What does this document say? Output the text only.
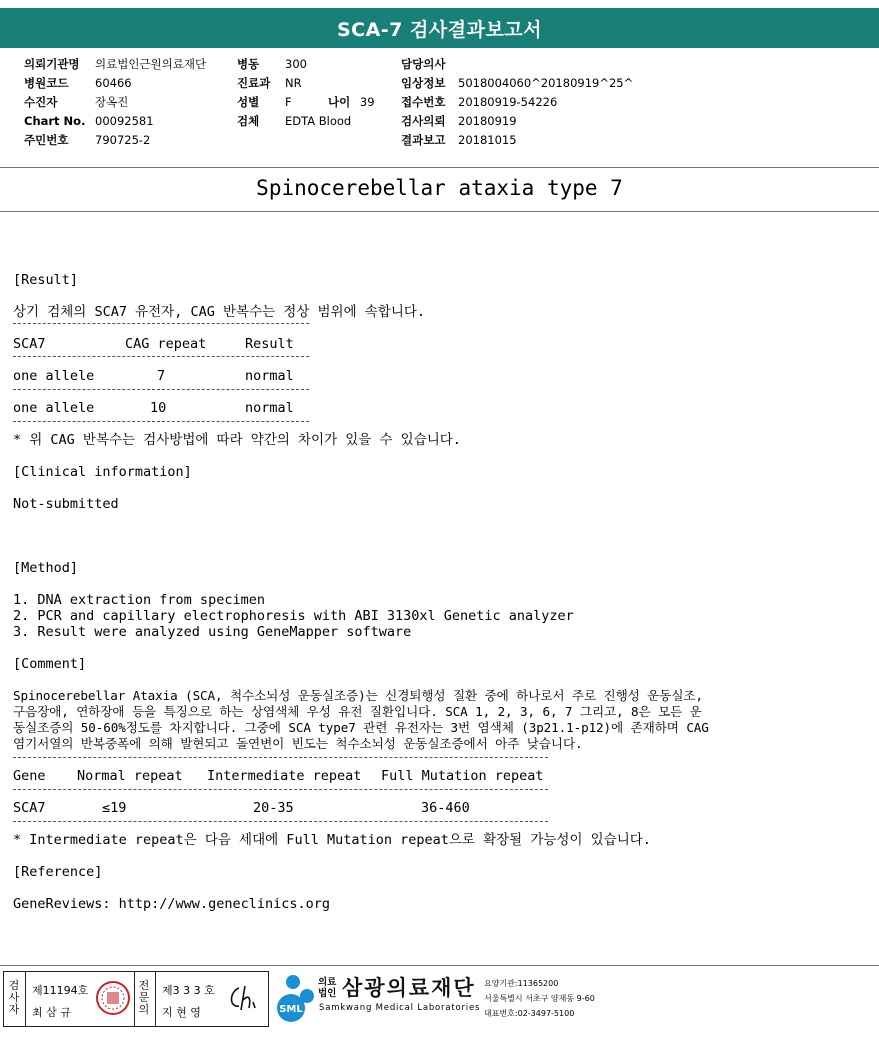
SCA-7 검사결과보고서
의뢰기관명 의료법인근원의료재단
병원코드 60466
수진자	장옥진
Chart No. 00092581
주민번호 790725-2
병동 300
진료과 NR
성별 F
검체 EDTA Blood
나이 39
담당의사
임상정보 5018004060^20180919^25^
접수번호 20180919-54226
검사의뢰 20180919
결과보고 20181015
Spinocerebellar ataxia type 7
[Result]
상기 검체의 SCA7 유전자, CAG 반복수는 정상 범위에 속합니다.
SCA7	CAG repeat	Result
one allele	7	normal
one allele	10	normal
* 위 CAG 반복수는 검사방법에 따라 약간의 차이가 있을 수 있습니다.
[Clinical information]
Not-submitted
[Method]
1. DNA extraction from specimen
2. PCR and capillary electrophoresis with ABI 3130xl Genetic analyzer
3. Result were analyzed using GeneMapper software
[Comment]
Spinocerebellar Ataxia (SCA, 척수소뇌성 운동실조증)는 신경퇴행성 질환 중에 하나로서 주로 진행성 운동실조,
구음장애, 연하장애 등을 특징으로 하는 상염색체 우성 유전 질환입니다. SCA 1, 2, 3, 6, 7 그리고, 8은 모든 운
동실조증의 50-60%정도를 차지합니다. 그중에 SCA type7 관련 유전자는 3번 염색체 (3p21.1-p12)에 존재하며 CAG
염기서열의 반복중폭에 의해 발현되고 돌연변이 빈도는 척수소뇌성 운동실조증에서 아주 낮습니다.
Gene Normal repeat Intermediate repeat Full Mutation repeat
SCA7	≤19	20-35	36-460
* Intermediate repeat은 다음 세대에 Full Mutation repeat으로 확장될 가능성이 있습니다.
[Reference]
GeneReviews: http://www.geneclinics.org
검
사
자
제11194호
최 삼 규
전
문
의
제3 3 3 호
지 현 영	SML
의료법인 삼광의료재단
Samkwang Medical Laboratories
요양기관:11365200
서울특별시 서초구 양재동 9-60
대표번호:02-3497-5100
